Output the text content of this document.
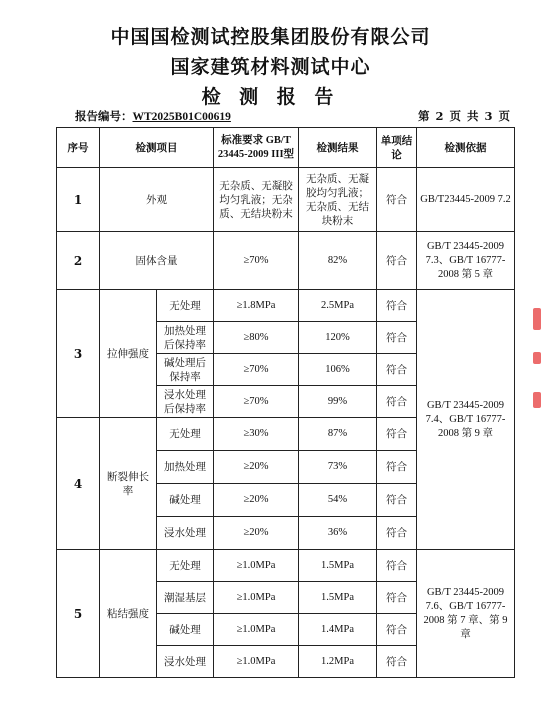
中国国检测试控股集团股份有限公司
国家建筑材料测试中心
检 测 报 告
报告编号：WT2025B01C00619	第 2 页 共 3 页
序号	检测项目		标准要求 GB/T 23445-2009 III型	检测结果	单项结论	检测依据
1	外观		无杂质、无凝胶均匀乳液；无杂质、无结块粉末	无杂质、无凝胶均匀乳液；无杂质、无结块粉末	符合	GB/T23445-2009 7.2
2	固体含量		≥70%	82%	符合	GB/T 23445-2009 7.3、GB/T 16777-2008 第 5 章
3	拉伸强度	无处理	≥1.8MPa	2.5MPa	符合	GB/T 23445-2009 7.4、GB/T 16777-2008 第 9 章
		加热处理后保持率	≥80%	120%	符合	
		碱处理后保持率	≥70%	106%	符合	
		浸水处理后保持率	≥70%	99%	符合	
4	断裂伸长率	无处理	≥30%	87%	符合	
		加热处理	≥20%	73%	符合	
		碱处理	≥20%	54%	符合	
		浸水处理	≥20%	36%	符合	
5	粘结强度	无处理	≥1.0MPa	1.5MPa	符合	GB/T 23445-2009 7.6、GB/T 16777-2008 第 7 章、第 9 章
		潮湿基层	≥1.0MPa	1.5MPa	符合	
		碱处理	≥1.0MPa	1.4MPa	符合	
		浸水处理	≥1.0MPa	1.2MPa	符合	
